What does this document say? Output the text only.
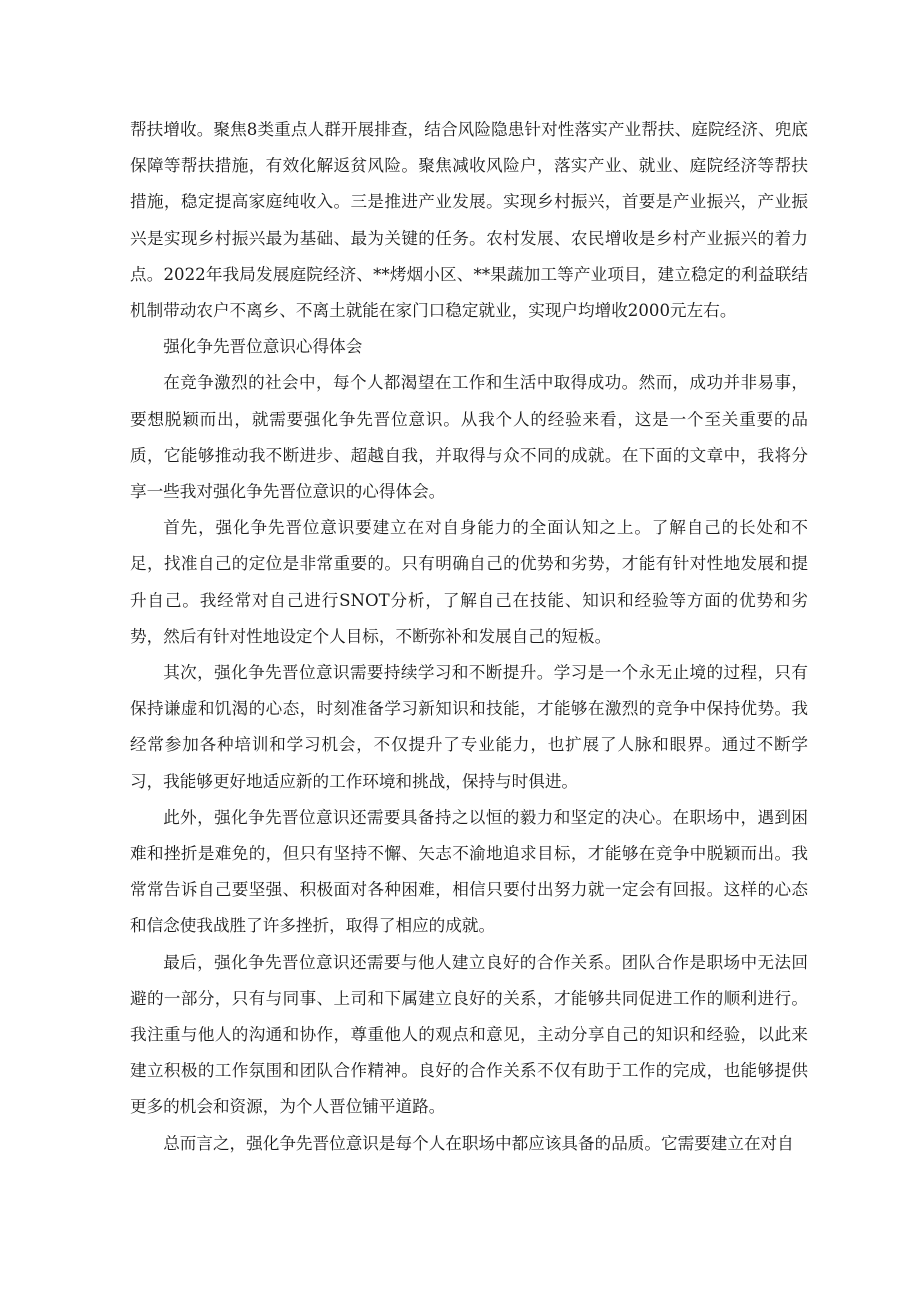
帮扶增收。聚焦8类重点人群开展排查，结合风险隐患针对性落实产业帮扶、庭院经济、兜底保障等帮扶措施，有效化解返贫风险。聚焦减收风险户，落实产业、就业、庭院经济等帮扶措施，稳定提高家庭纯收入。三是推进产业发展。实现乡村振兴，首要是产业振兴，产业振兴是实现乡村振兴最为基础、最为关键的任务。农村发展、农民增收是乡村产业振兴的着力点。2022年我局发展庭院经济、**烤烟小区、**果蔬加工等产业项目，建立稳定的利益联结机制带动农户不离乡、不离土就能在家门口稳定就业，实现户均增收2000元左右。

强化争先晋位意识心得体会

在竞争激烈的社会中，每个人都渴望在工作和生活中取得成功。然而，成功并非易事，要想脱颖而出，就需要强化争先晋位意识。从我个人的经验来看，这是一个至关重要的品质，它能够推动我不断进步、超越自我，并取得与众不同的成就。在下面的文章中，我将分享一些我对强化争先晋位意识的心得体会。

首先，强化争先晋位意识要建立在对自身能力的全面认知之上。了解自己的长处和不足，找准自己的定位是非常重要的。只有明确自己的优势和劣势，才能有针对性地发展和提升自己。我经常对自己进行SNOT分析，了解自己在技能、知识和经验等方面的优势和劣势，然后有针对性地设定个人目标，不断弥补和发展自己的短板。

其次，强化争先晋位意识需要持续学习和不断提升。学习是一个永无止境的过程，只有保持谦虚和饥渴的心态，时刻准备学习新知识和技能，才能够在激烈的竞争中保持优势。我经常参加各种培训和学习机会，不仅提升了专业能力，也扩展了人脉和眼界。通过不断学习，我能够更好地适应新的工作环境和挑战，保持与时俱进。

此外，强化争先晋位意识还需要具备持之以恒的毅力和坚定的决心。在职场中，遇到困难和挫折是难免的，但只有坚持不懈、矢志不渝地追求目标，才能够在竞争中脱颖而出。我常常告诉自己要坚强、积极面对各种困难，相信只要付出努力就一定会有回报。这样的心态和信念使我战胜了许多挫折，取得了相应的成就。

最后，强化争先晋位意识还需要与他人建立良好的合作关系。团队合作是职场中无法回避的一部分，只有与同事、上司和下属建立良好的关系，才能够共同促进工作的顺利进行。我注重与他人的沟通和协作，尊重他人的观点和意见，主动分享自己的知识和经验，以此来建立积极的工作氛围和团队合作精神。良好的合作关系不仅有助于工作的完成，也能够提供更多的机会和资源，为个人晋位铺平道路。

总而言之，强化争先晋位意识是每个人在职场中都应该具备的品质。它需要建立在对自
